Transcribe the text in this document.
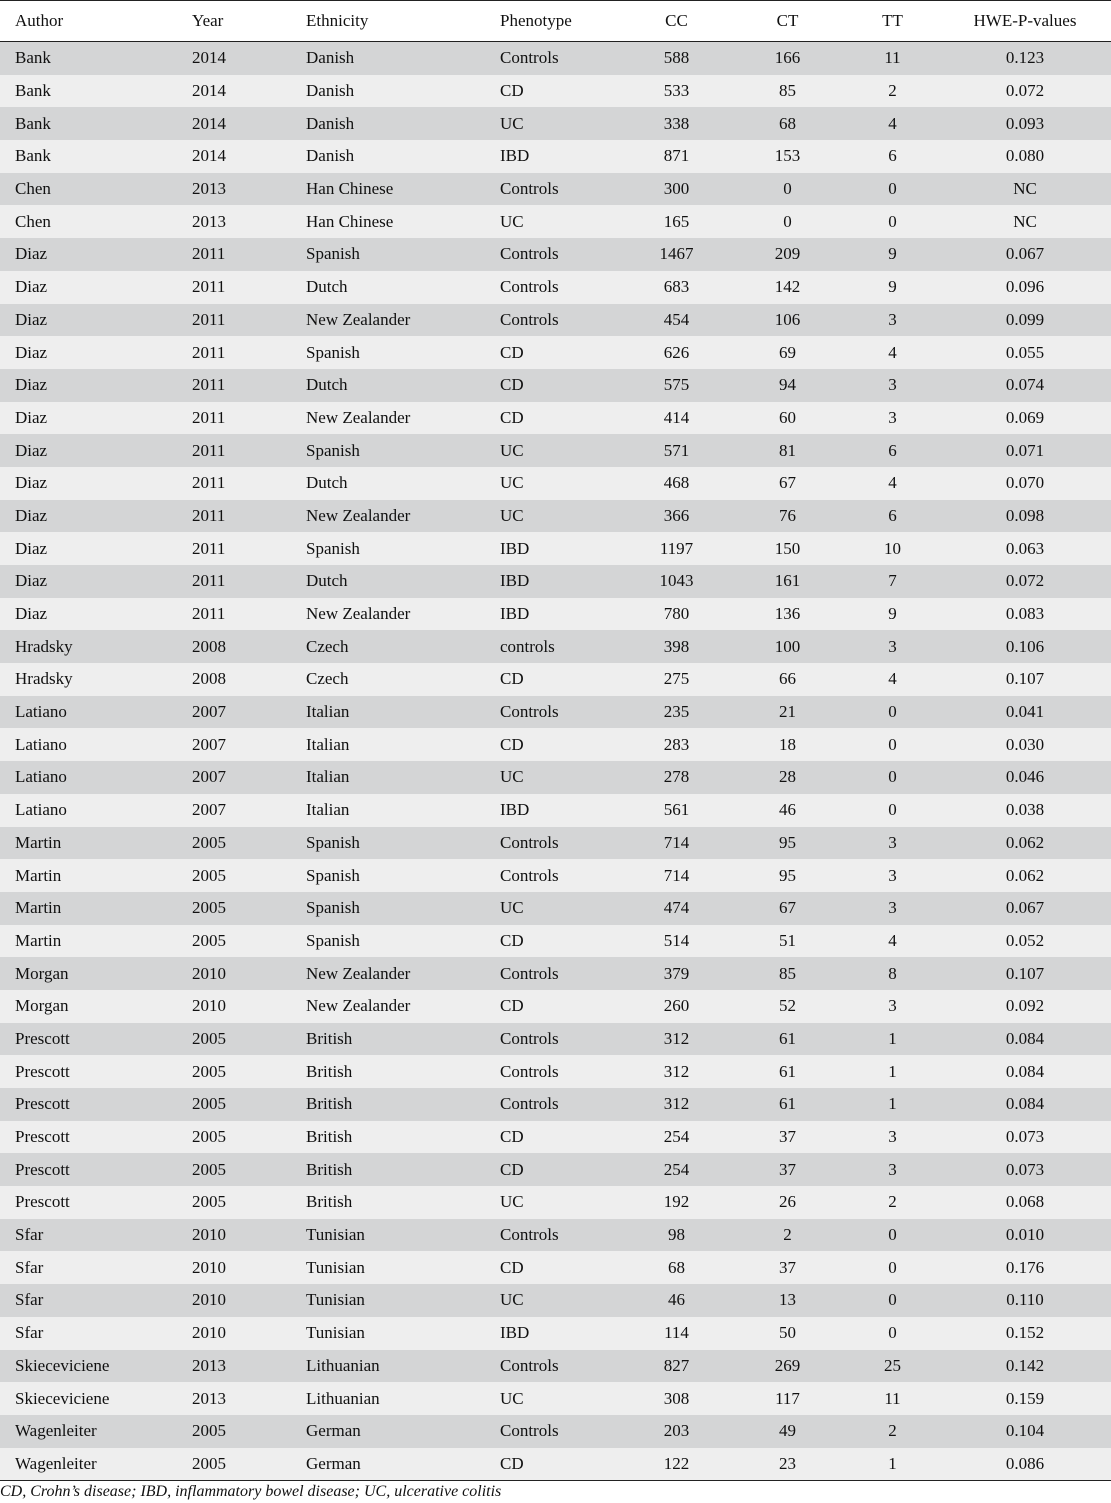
Author	Year	Ethnicity	Phenotype	CC	CT	TT	HWE-P-values
Bank	2014	Danish	Controls	588	166	11	0.123
Bank	2014	Danish	CD	533	85	2	0.072
Bank	2014	Danish	UC	338	68	4	0.093
Bank	2014	Danish	IBD	871	153	6	0.080
Chen	2013	Han Chinese	Controls	300	0	0	NC
Chen	2013	Han Chinese	UC	165	0	0	NC
Diaz	2011	Spanish	Controls	1467	209	9	0.067
Diaz	2011	Dutch	Controls	683	142	9	0.096
Diaz	2011	New Zealander	Controls	454	106	3	0.099
Diaz	2011	Spanish	CD	626	69	4	0.055
Diaz	2011	Dutch	CD	575	94	3	0.074
Diaz	2011	New Zealander	CD	414	60	3	0.069
Diaz	2011	Spanish	UC	571	81	6	0.071
Diaz	2011	Dutch	UC	468	67	4	0.070
Diaz	2011	New Zealander	UC	366	76	6	0.098
Diaz	2011	Spanish	IBD	1197	150	10	0.063
Diaz	2011	Dutch	IBD	1043	161	7	0.072
Diaz	2011	New Zealander	IBD	780	136	9	0.083
Hradsky	2008	Czech	controls	398	100	3	0.106
Hradsky	2008	Czech	CD	275	66	4	0.107
Latiano	2007	Italian	Controls	235	21	0	0.041
Latiano	2007	Italian	CD	283	18	0	0.030
Latiano	2007	Italian	UC	278	28	0	0.046
Latiano	2007	Italian	IBD	561	46	0	0.038
Martin	2005	Spanish	Controls	714	95	3	0.062
Martin	2005	Spanish	Controls	714	95	3	0.062
Martin	2005	Spanish	UC	474	67	3	0.067
Martin	2005	Spanish	CD	514	51	4	0.052
Morgan	2010	New Zealander	Controls	379	85	8	0.107
Morgan	2010	New Zealander	CD	260	52	3	0.092
Prescott	2005	British	Controls	312	61	1	0.084
Prescott	2005	British	Controls	312	61	1	0.084
Prescott	2005	British	Controls	312	61	1	0.084
Prescott	2005	British	CD	254	37	3	0.073
Prescott	2005	British	CD	254	37	3	0.073
Prescott	2005	British	UC	192	26	2	0.068
Sfar	2010	Tunisian	Controls	98	2	0	0.010
Sfar	2010	Tunisian	CD	68	37	0	0.176
Sfar	2010	Tunisian	UC	46	13	0	0.110
Sfar	2010	Tunisian	IBD	114	50	0	0.152
Skieceviciene	2013	Lithuanian	Controls	827	269	25	0.142
Skieceviciene	2013	Lithuanian	UC	308	117	11	0.159
Wagenleiter	2005	German	Controls	203	49	2	0.104
Wagenleiter	2005	German	CD	122	23	1	0.086
CD, Crohn’s disease; IBD, inflammatory bowel disease; UC, ulcerative colitis
